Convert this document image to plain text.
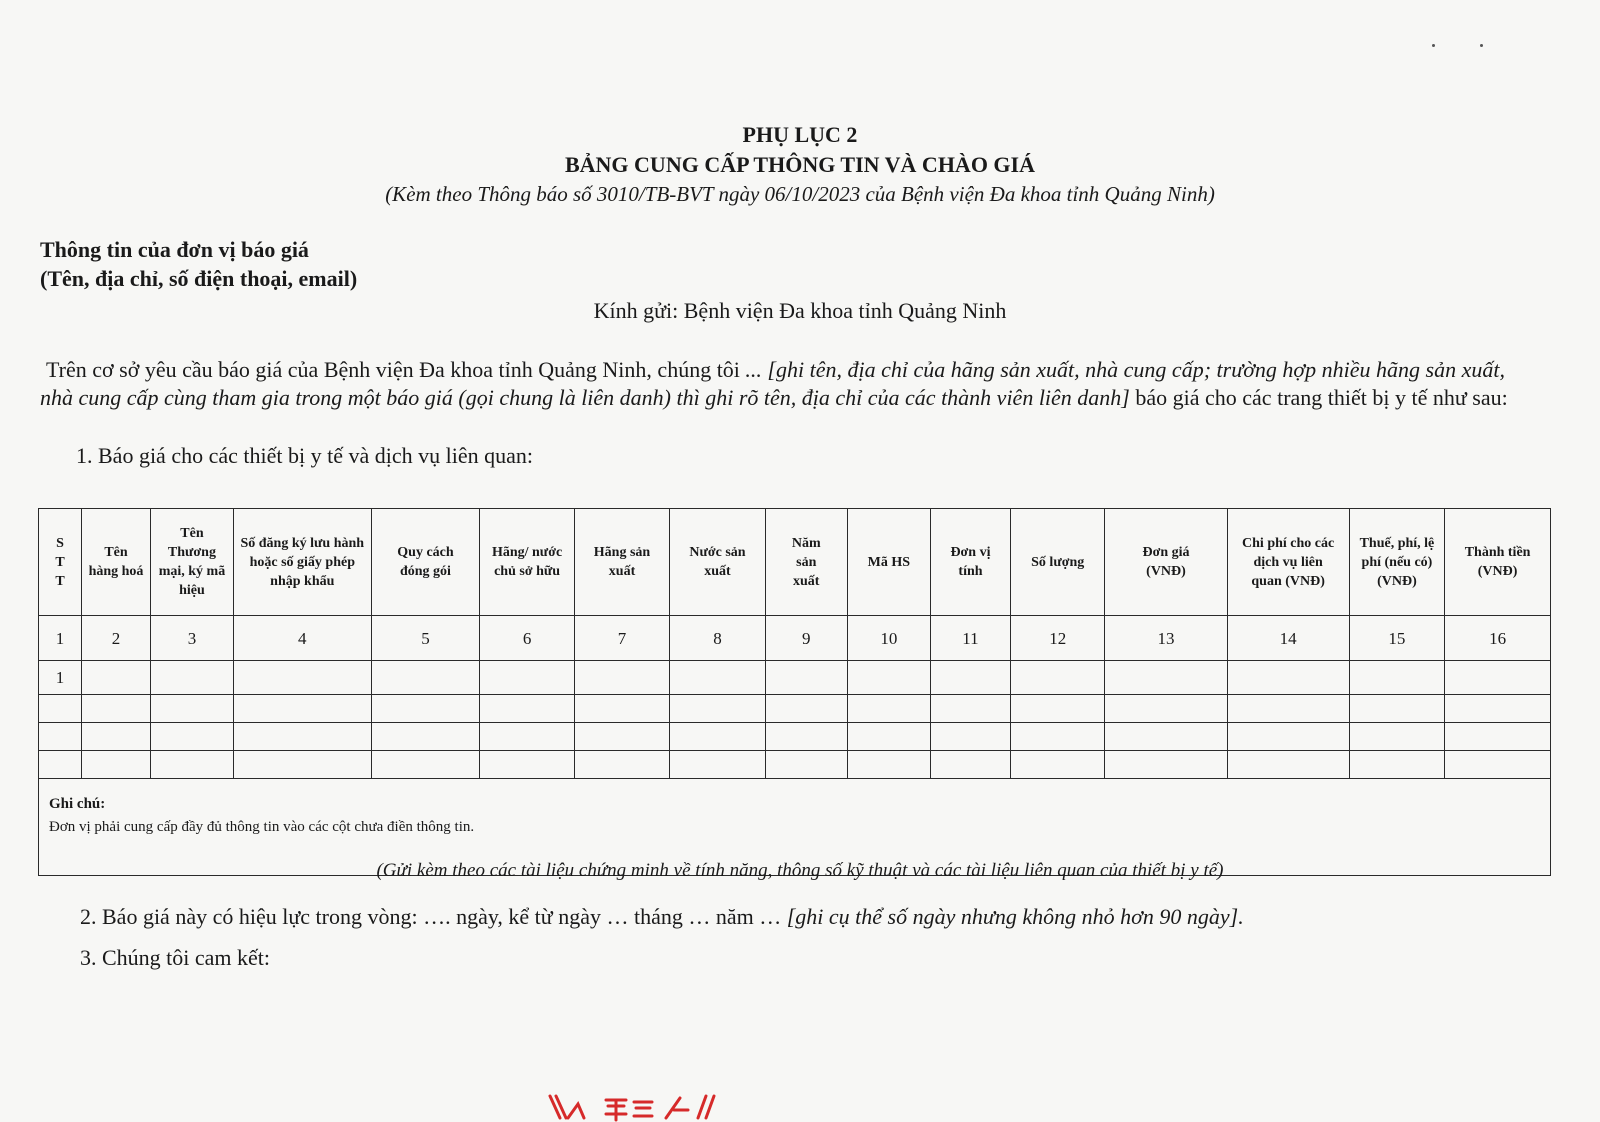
PHỤ LỤC 2
BẢNG CUNG CẤP THÔNG TIN VÀ CHÀO GIÁ
(Kèm theo Thông báo số 3010/TB-BVT ngày 06/10/2023 của Bệnh viện Đa khoa tỉnh Quảng Ninh)
Thông tin của đơn vị báo giá
(Tên, địa chỉ, số điện thoại, email)
Kính gửi: Bệnh viện Đa khoa tỉnh Quảng Ninh
Trên cơ sở yêu cầu báo giá của Bệnh viện Đa khoa tỉnh Quảng Ninh, chúng tôi ... [ghi tên, địa chỉ của hãng sản xuất, nhà cung cấp; trường hợp nhiều hãng sản xuất, nhà cung cấp cùng tham gia trong một báo giá (gọi chung là liên danh) thì ghi rõ tên, địa chỉ của các thành viên liên danh] báo giá cho các trang thiết bị y tế như sau:
1. Báo giá cho các thiết bị y tế và dịch vụ liên quan:
S T T	Tên hàng hoá	Tên Thương mại, ký mã hiệu	Số đăng ký lưu hành hoặc số giấy phép nhập khẩu	Quy cách đóng gói	Hãng/ nước chủ sở hữu	Hãng sản xuất	Nước sản xuất	Năm sản xuất	Mã HS	Đơn vị tính	Số lượng	Đơn giá (VNĐ)	Chi phí cho các dịch vụ liên quan (VNĐ)	Thuế, phí, lệ phí (nếu có) (VNĐ)	Thành tiền (VNĐ)
1	2	3	4	5	6	7	8	9	10	11	12	13	14	15	16
1															

Ghi chú:
Đơn vị phải cung cấp đầy đủ thông tin vào các cột chưa điền thông tin.															
(Gửi kèm theo các tài liệu chứng minh về tính năng, thông số kỹ thuật và các tài liệu liên quan của thiết bị y tế)
2. Báo giá này có hiệu lực trong vòng: …. ngày, kể từ ngày … tháng … năm … [ghi cụ thể số ngày nhưng không nhỏ hơn 90 ngày].
3. Chúng tôi cam kết:
